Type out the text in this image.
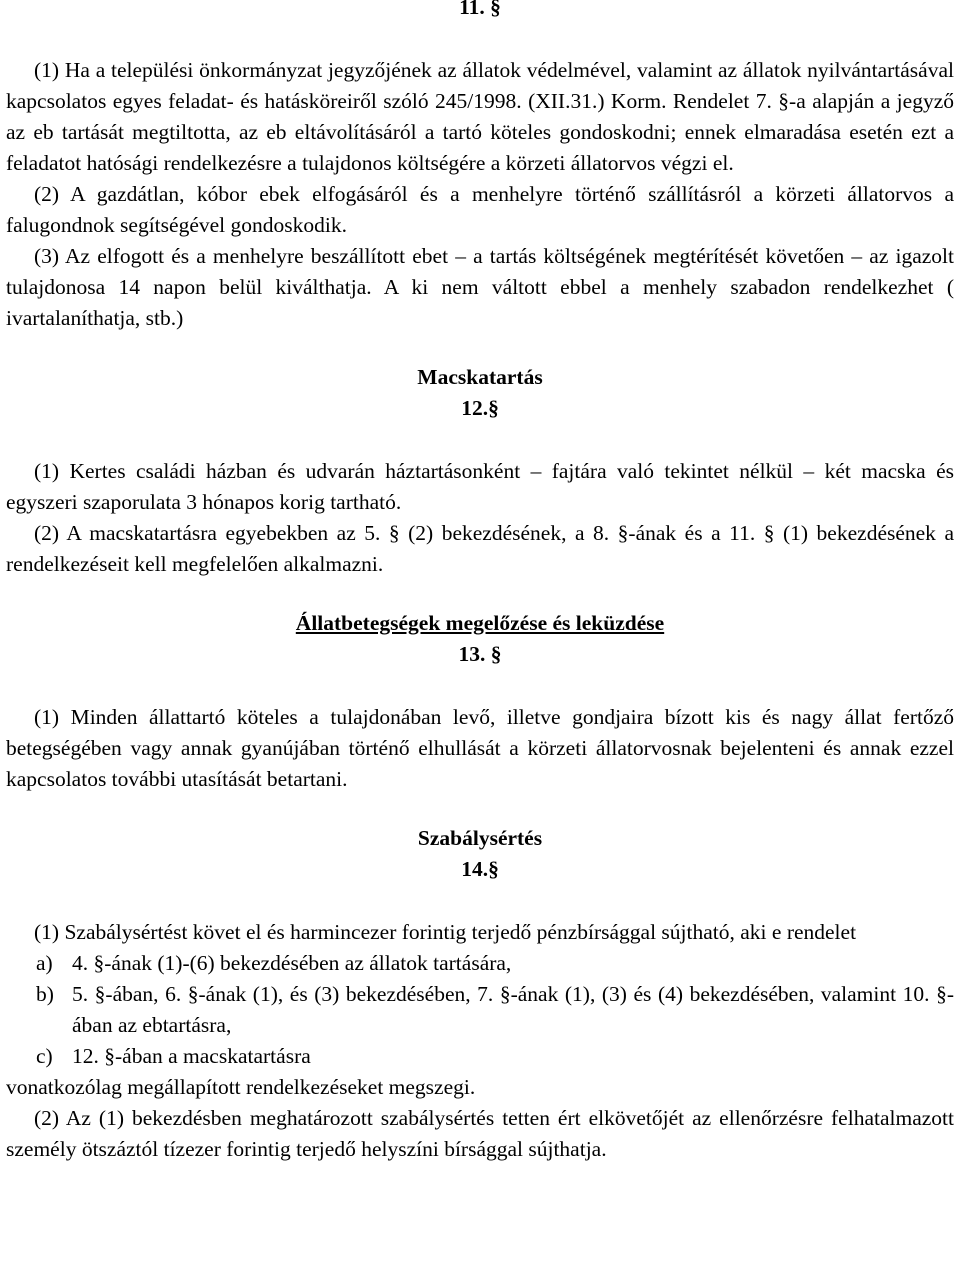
11. §

(1) Ha a települési önkormányzat jegyzőjének az állatok védelmével, valamint az állatok nyilvántartásával kapcsolatos egyes feladat- és hatásköreiről szóló 245/1998. (XII.31.) Korm. Rendelet 7. §-a alapján a jegyző az eb tartását megtiltotta, az eb eltávolításáról a tartó köteles gondoskodni; ennek elmaradása esetén ezt a feladatot hatósági rendelkezésre a tulajdonos költségére a körzeti állatorvos végzi el.

(2) A gazdátlan, kóbor ebek elfogásáról és a menhelyre történő szállításról a körzeti állatorvos a falugondnok segítségével gondoskodik.

(3) Az elfogott és a menhelyre beszállított ebet – a tartás költségének megtérítését követően – az igazolt tulajdonosa 14 napon belül kiválthatja. A ki nem váltott ebbel a menhely szabadon rendelkezhet ( ivartalaníthatja, stb.)

Macskatartás

12.§

(1) Kertes családi házban és udvarán háztartásonként – fajtára való tekintet nélkül – két macska és egyszeri szaporulata 3 hónapos korig tartható.

(2) A macskatartásra egyebekben az 5. § (2) bekezdésének, a 8. §-ának és a 11. § (1) bekezdésének a rendelkezéseit kell megfelelően alkalmazni.

Állatbetegségek megelőzése és leküzdése

13. §

(1) Minden állattartó köteles a tulajdonában levő, illetve gondjaira bízott kis és nagy állat fertőző betegségében vagy annak gyanújában történő elhullását a körzeti állatorvosnak bejelenteni és annak ezzel kapcsolatos további utasítását betartani.

Szabálysértés

14.§

(1) Szabálysértést követ el és harmincezer forintig terjedő pénzbírsággal sújtható, aki e rendelet

a) 4. §-ának (1)-(6) bekezdésében az állatok tartására,
b) 5. §-ában, 6. §-ának (1), és (3) bekezdésében, 7. §-ának (1), (3) és (4) bekezdésében, valamint 10. §-ában az ebtartásra,
c) 12. §-ában a macskatartásra

vonatkozólag megállapított rendelkezéseket megszegi.

(2) Az (1) bekezdésben meghatározott szabálysértés tetten ért elkövetőjét az ellenőrzésre felhatalmazott személy ötszáztól tízezer forintig terjedő helyszíni bírsággal sújthatja.
